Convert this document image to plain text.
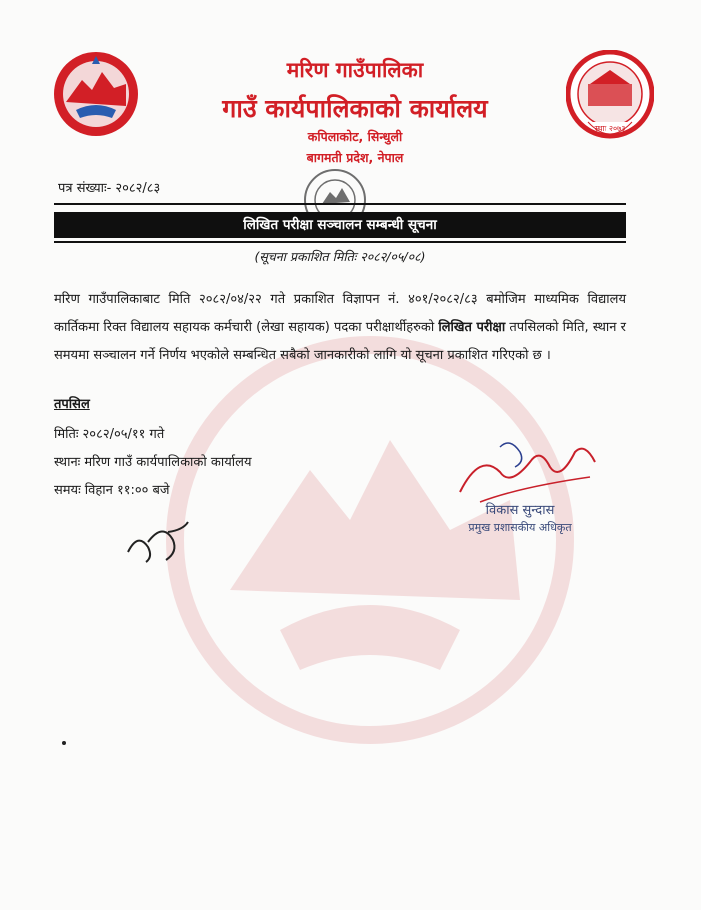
मरिण गाउँपालिका
गाउँ कार्यपालिकाको कार्यालय
कपिलाकोट, सिन्धुली
बागमती प्रदेश, नेपाल
स्थाः २०७३
पत्र संख्याः- २०८२/८३
लिखित परीक्षा सञ्चालन सम्बन्धी सूचना
(सूचना प्रकाशित मितिः २०८२/०५/०८)
मरिण गाउँपालिकाबाट मिति २०८२/०४/२२ गते प्रकाशित विज्ञापन नं. ४०१/२०८२/८३ बमोजिम माध्यमिक विद्यालय कार्तिकमा रिक्त विद्यालय सहायक कर्मचारी (लेखा सहायक) पदका परीक्षार्थीहरुको लिखित परीक्षा तपसिलको मिति, स्थान र समयमा सञ्चालन गर्ने निर्णय भएकोले सम्बन्धित सबैको जानकारीको लागि यो सूचना प्रकाशित गरिएको छ ।
तपसिल
मितिः २०८२/०५/११ गते
स्थानः मरिण गाउँ कार्यपालिकाको कार्यालय
समयः विहान ११:०० बजे
विकास सुन्दास
प्रमुख प्रशासकीय अधिकृत
